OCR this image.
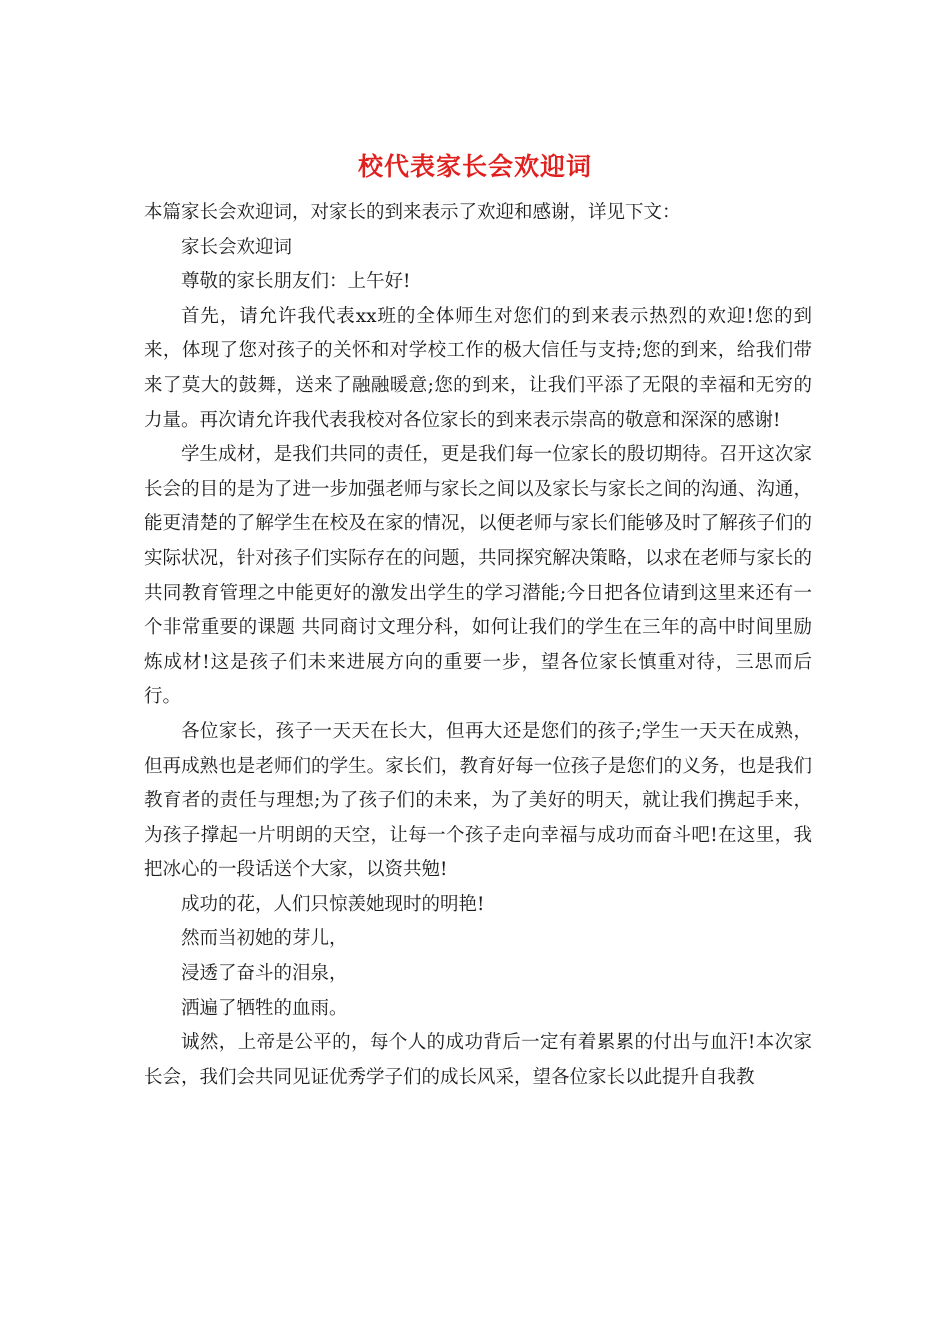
校代表家长会欢迎词

本篇家长会欢迎词，对家长的到来表示了欢迎和感谢，详见下文：

家长会欢迎词

尊敬的家长朋友们：上午好!

首先，请允许我代表xx班的全体师生对您们的到来表示热烈的欢迎!您的到来，体现了您对孩子的关怀和对学校工作的极大信任与支持;您的到来，给我们带来了莫大的鼓舞，送来了融融暖意;您的到来，让我们平添了无限的幸福和无穷的力量。再次请允许我代表我校对各位家长的到来表示崇高的敬意和深深的感谢!

学生成材，是我们共同的责任，更是我们每一位家长的殷切期待。召开这次家长会的目的是为了进一步加强老师与家长之间以及家长与家长之间的沟通、沟通，能更清楚的了解学生在校及在家的情况，以便老师与家长们能够及时了解孩子们的实际状况，针对孩子们实际存在的问题，共同探究解决策略，以求在老师与家长的共同教育管理之中能更好的激发出学生的学习潜能;今日把各位请到这里来还有一个非常重要的课题 共同商讨文理分科，如何让我们的学生在三年的高中时间里励炼成材!这是孩子们未来进展方向的重要一步，望各位家长慎重对待，三思而后行。

各位家长，孩子一天天在长大，但再大还是您们的孩子;学生一天天在成熟，但再成熟也是老师们的学生。家长们，教育好每一位孩子是您们的义务，也是我们教育者的责任与理想;为了孩子们的未来，为了美好的明天，就让我们携起手来，为孩子撑起一片明朗的天空，让每一个孩子走向幸福与成功而奋斗吧!在这里，我把冰心的一段话送个大家，以资共勉!

成功的花，人们只惊羡她现时的明艳!

然而当初她的芽儿，

浸透了奋斗的泪泉，

洒遍了牺牲的血雨。

诚然，上帝是公平的，每个人的成功背后一定有着累累的付出与血汗!本次家长会，我们会共同见证优秀学子们的成长风采，望各位家长以此提升自我教
